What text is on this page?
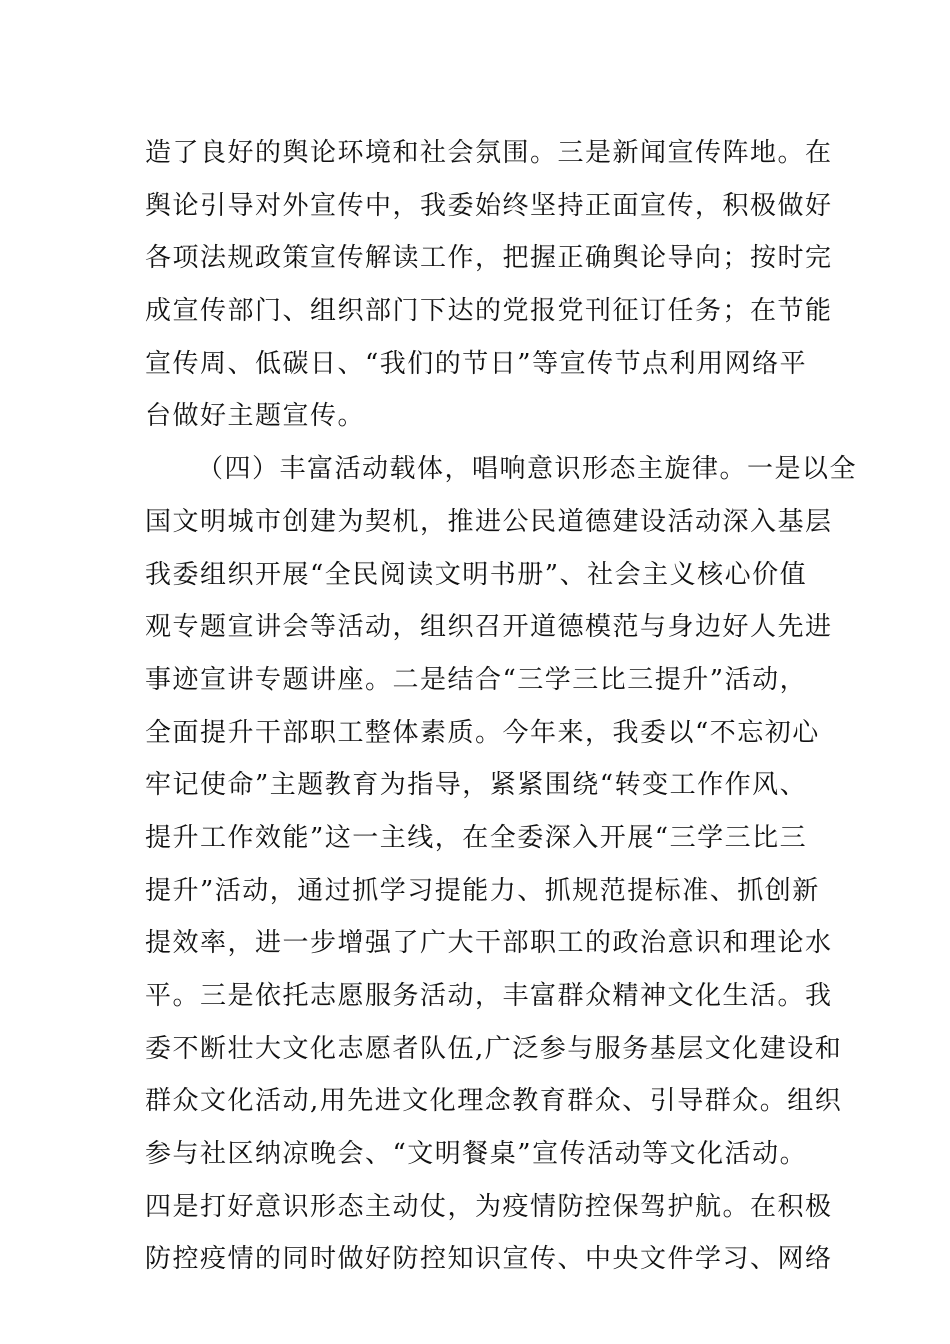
造了良好的舆论环境和社会氛围。三是新闻宣传阵地。在

舆论引导对外宣传中，我委始终坚持正面宣传，积极做好

各项法规政策宣传解读工作，把握正确舆论导向；按时完

成宣传部门、组织部门下达的党报党刊征订任务；在节能

宣传周、低碳日、“我们的节日”等宣传节点利用网络平

台做好主题宣传。

（四）丰富活动载体，唱响意识形态主旋律。一是以全

国文明城市创建为契机，推进公民道德建设活动深入基层

我委组织开展“全民阅读文明书册”、社会主义核心价值

观专题宣讲会等活动，组织召开道德模范与身边好人先进

事迹宣讲专题讲座。二是结合“三学三比三提升”活动，

全面提升干部职工整体素质。今年来，我委以“不忘初心

牢记使命”主题教育为指导，紧紧围绕“转变工作作风、

提升工作效能”这一主线，在全委深入开展“三学三比三

提升”活动，通过抓学习提能力、抓规范提标准、抓创新

提效率，进一步增强了广大干部职工的政治意识和理论水

平。三是依托志愿服务活动，丰富群众精神文化生活。我

委不断壮大文化志愿者队伍,广泛参与服务基层文化建设和

群众文化活动,用先进文化理念教育群众、引导群众。组织

参与社区纳凉晚会、“文明餐桌”宣传活动等文化活动。

四是打好意识形态主动仗，为疫情防控保驾护航。在积极

防控疫情的同时做好防控知识宣传、中央文件学习、网络
